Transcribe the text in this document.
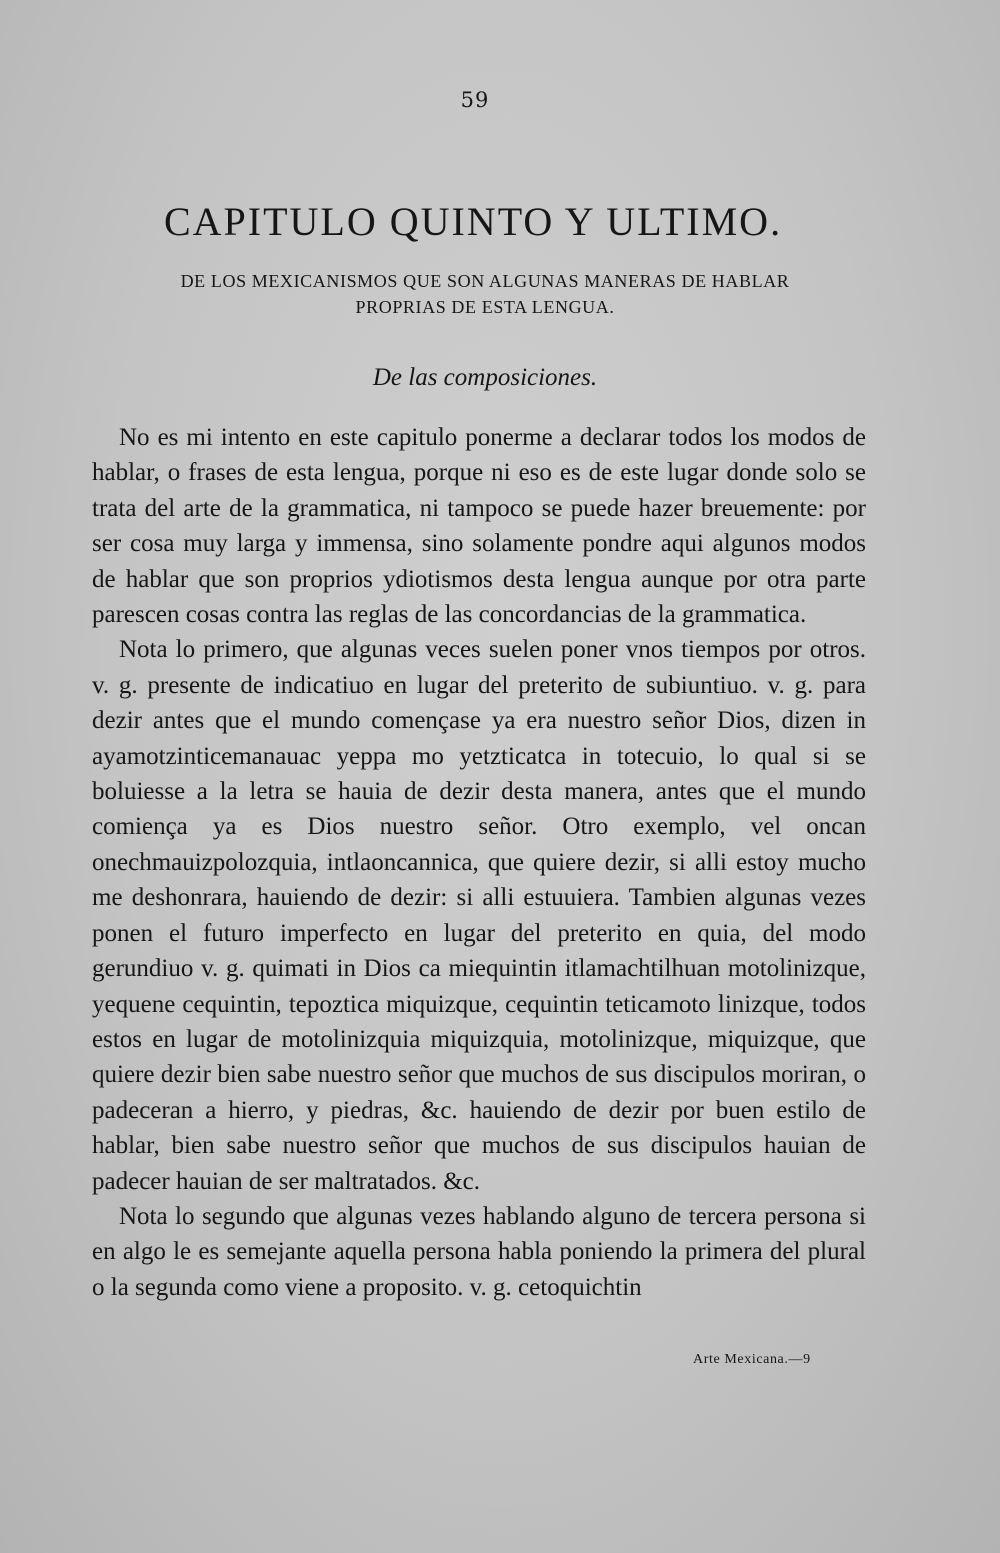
59
CAPITULO QUINTO Y ULTIMO.
DE LOS MEXICANISMOS QUE SON ALGUNAS MANERAS DE HABLAR
PROPRIAS DE ESTA LENGUA.
De las composiciones.

No es mi intento en este capitulo ponerme a declarar todos los modos de hablar, o frases de esta lengua, porque ni eso es de este lugar donde solo se trata del arte de la grammatica, ni tampoco se puede hazer breuemente: por ser cosa muy larga y immensa, sino solamente pondre aqui algunos modos de hablar que son proprios ydiotismos desta lengua aunque por otra parte parescen cosas contra las reglas de las concordancias de la grammatica.

Nota lo primero, que algunas veces suelen poner vnos tiempos por otros. v. g. presente de indicatiuo en lugar del preterito de subiuntiuo. v. g. para dezir antes que el mundo començase ya era nuestro señor Dios, dizen in ayamotzinticemanauac yeppa mo yetzticatca in totecuio, lo qual si se boluiesse a la letra se hauia de dezir desta manera, antes que el mundo comiença ya es Dios nuestro señor. Otro exemplo, vel oncan onechmauizpolozquia, intlaoncannica, que quiere dezir, si alli estoy mucho me deshonrara, hauiendo de dezir: si alli estuuiera. Tambien algunas vezes ponen el futuro imperfecto en lugar del preterito en quia, del modo gerundiuo v. g. quimati in Dios ca miequintin itlamachtilhuan motolinizque, yequene cequintin, tepoztica miquizque, cequintin teticamoto linizque, todos estos en lugar de motolinizquia miquizquia, motolinizque, miquizque, que quiere dezir bien sabe nuestro señor que muchos de sus discipulos moriran, o padeceran a hierro, y piedras, &c. hauiendo de dezir por buen estilo de hablar, bien sabe nuestro señor que muchos de sus discipulos hauian de padecer hauian de ser maltratados. &c.

Nota lo segundo que algunas vezes hablando alguno de tercera persona si en algo le es semejante aquella persona habla poniendo la primera del plural o la segunda como viene a proposito. v. g. cetoquichtin

Arte Mexicana.—9
